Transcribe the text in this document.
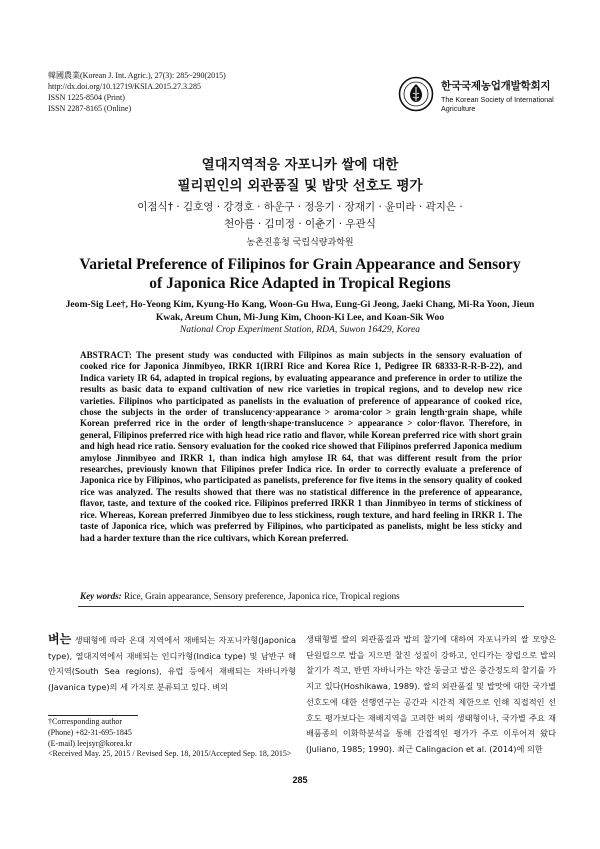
韓國農業(Korean J. Int. Agric.), 27(3): 285~290(2015)
http://dx.doi.org/10.12719/KSIA.2015.27.3.285
ISSN 1225-8504 (Print)
ISSN 2287-8165 (Online)
한국국제농업개발학회지
The Korean Society of International Agriculture
열대지역적응 자포니카 쌀에 대한
필리핀인의 외관품질 및 밥맛 선호도 평가
이점식† · 김호영 · 강경호 · 하운구 · 정응기 · 장재기 · 윤미라 · 곽지은 ·
천아름 · 김미정 · 이춘기 · 우관식
농촌진흥청 국립식량과학원
Varietal Preference of Filipinos for Grain Appearance and Sensory
of Japonica Rice Adapted in Tropical Regions
Jeom-Sig Lee†, Ho-Yeong Kim, Kyung-Ho Kang, Woon-Gu Hwa, Eung-Gi Jeong, Jaeki Chang, Mi-Ra Yoon, Jieun Kwak, Areum Chun, Mi-Jung Kim, Choon-Ki Lee, and Koan-Sik Woo
National Crop Experiment Station, RDA, Suwon 16429, Korea
ABSTRACT: The present study was conducted with Filipinos as main subjects in the sensory evaluation of cooked rice for Japonica Jinmibyeo, IRKR 1(IRRI Rice and Korea Rice 1, Pedigree IR 68333-R-R-B-22), and Indica variety IR 64, adapted in tropical regions, by evaluating appearance and preference in order to utilize the results as basic data to expand cultivation of new rice varieties in tropical regions, and to develop new rice varieties. Filipinos who participated as panelists in the evaluation of preference of appearance of cooked rice, chose the subjects in the order of translucency·appearance > aroma·color > grain length·grain shape, while Korean preferred rice in the order of length·shape·translucence > appearance > color·flavor. Therefore, in general, Filipinos preferred rice with high head rice ratio and flavor, while Korean preferred rice with short grain and high head rice ratio. Sensory evaluation for the cooked rice showed that Filipinos preferred Japonica medium amylose Jinmibyeo and IRKR 1, than indica high amylose IR 64, that was different result from the prior researches, previously known that Filipinos prefer Indica rice. In order to correctly evaluate a preference of Japonica rice by Filipinos, who participated as panelists, preference for five items in the sensory quality of cooked rice was analyzed. The results showed that there was no statistical difference in the preference of appearance, flavor, taste, and texture of the cooked rice. Filipinos preferred IRKR 1 than Jinmibyeo in terms of stickiness of rice. Whereas, Korean preferred Jinmibyeo due to less stickiness, rough texture, and hard feeling in IRKR 1. The taste of Japonica rice, which was preferred by Filipinos, who participated as panelists, might be less sticky and had a harder texture than the rice cultivars, which Korean preferred.
Key words: Rice, Grain appearance, Sensory preference, Japonica rice, Tropical regions
벼는 생태형에 따라 온대 지역에서 재배되는 자포니카형(Japonica type), 열대지역에서 재배되는 인디카형(Indica type) 및 남반구 해안지역(South Sea regions), 유럽 등에서 재배되는 자바니카형(Javanica type)의 세 가지로 분류되고 있다. 벼의
생태형별 쌀의 외관품질과 밥의 찰기에 대하여 자포니카의 쌀 모양은 단원립으로 밥을 지으면 찰진 성질이 강하고, 인디카는 장립으로 밥의 찰기가 적고, 반면 자바니카는 약간 둥글고 밥은 중간정도의 찰기를 가지고 있다(Hoshikawa, 1989). 쌀의 외관품질 및 밥맛에 대한 국가별 선호도에 대한 선행연구는 공간과 시간적 제한으로 인해 직접적인 선호도 평가보다는 재배지역을 고려한 벼의 생태형이나, 국가별 주요 재배품종의 이화학분석을 통해 간접적인 평가가 주로 이루어져 왔다(Juliano, 1985; 1990). 최근 Calingacion et al. (2014)에 의한
†Corresponding author
(Phone) +82-31-695-1845
(E-mail) leejsyr@korea.kr
<Received May. 25, 2015 / Revised Sep. 18, 2015/Accepted Sep. 18, 2015>
285
